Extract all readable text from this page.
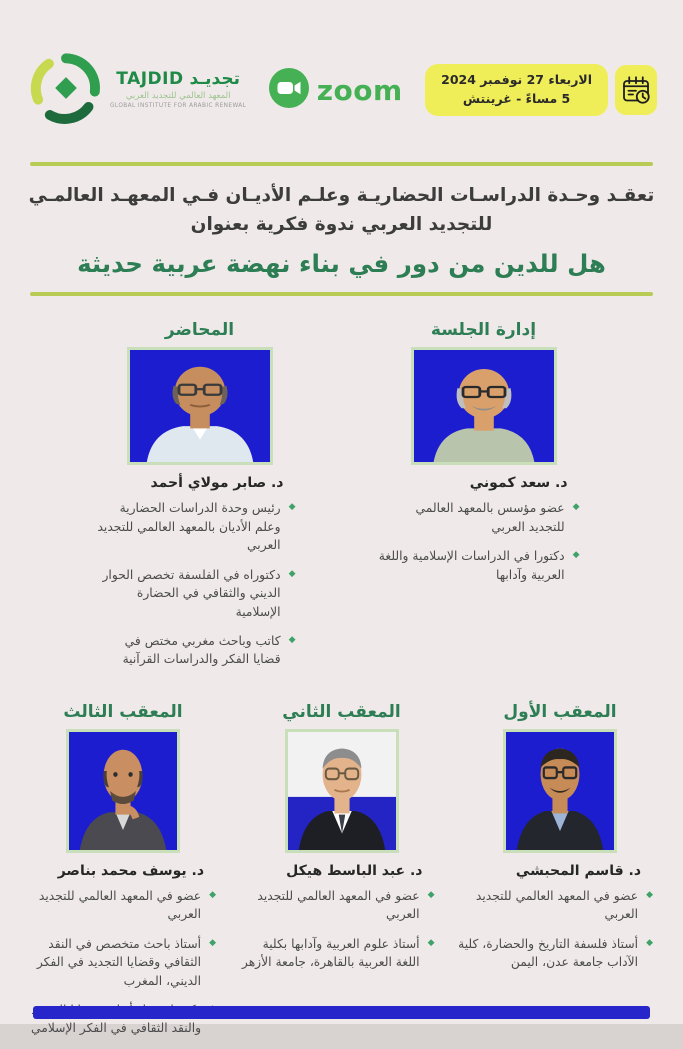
الاربعاء 27 نوفمبر 2024
5 مساءً - غرينتش
zoom
تجديـد TAJDID
المعهد العالمي للتجديد العربي
GLOBAL INSTITUTE FOR ARABIC RENEWAL
تعقـد وحـدة الدراسـات الحضاريـة وعلـم الأديـان فـي المعهـد العالمـي
للتجديد العربي ندوة فكرية بعنوان
هل للدين من دور في بناء نهضة عربية حديثة
إدارة الجلسة
د. سعد كموني
◆
عضو مؤسس بالمعهد العالمي للتجديد العربي
◆
دكتورا في الدراسات الإسلامية واللغة العربية وآدابها
المحاضر
د. صابر مولاي أحمد
◆
رئيس وحدة الدراسات الحضارية وعلم الأديان بالمعهد العالمي للتجديد العربي
◆
دكتوراه في الفلسفة تخصص الحوار الديني والثقافي في الحضارة الإسلامية
◆
كاتب وباحث مغربي مختص في قضايا الفكر والدراسات القرآنية
المعقب الأول
د. قاسم المحبشي
◆
عضو في المعهد العالمي للتجديد العربي
◆
أستاذ فلسفة التاريخ والحضارة، كلية الآداب جامعة عدن، اليمن
المعقب الثاني
د. عبد الباسط هيكل
◆
عضو في المعهد العالمي للتجديد العربي
◆
أستاذ علوم العربية وآدابها بكلية اللغة العربية بالقاهرة، جامعة الأزهر
المعقب الثالث
د. يوسف محمد بناصر
◆
عضو في المعهد العالمي للتجديد العربي
◆
أستاذ باحث متخصص في النقد الثقافي وقضايا التجديد في الفكر الديني، المغرب
والنقد الثقافي في الفكر الإسلامي
